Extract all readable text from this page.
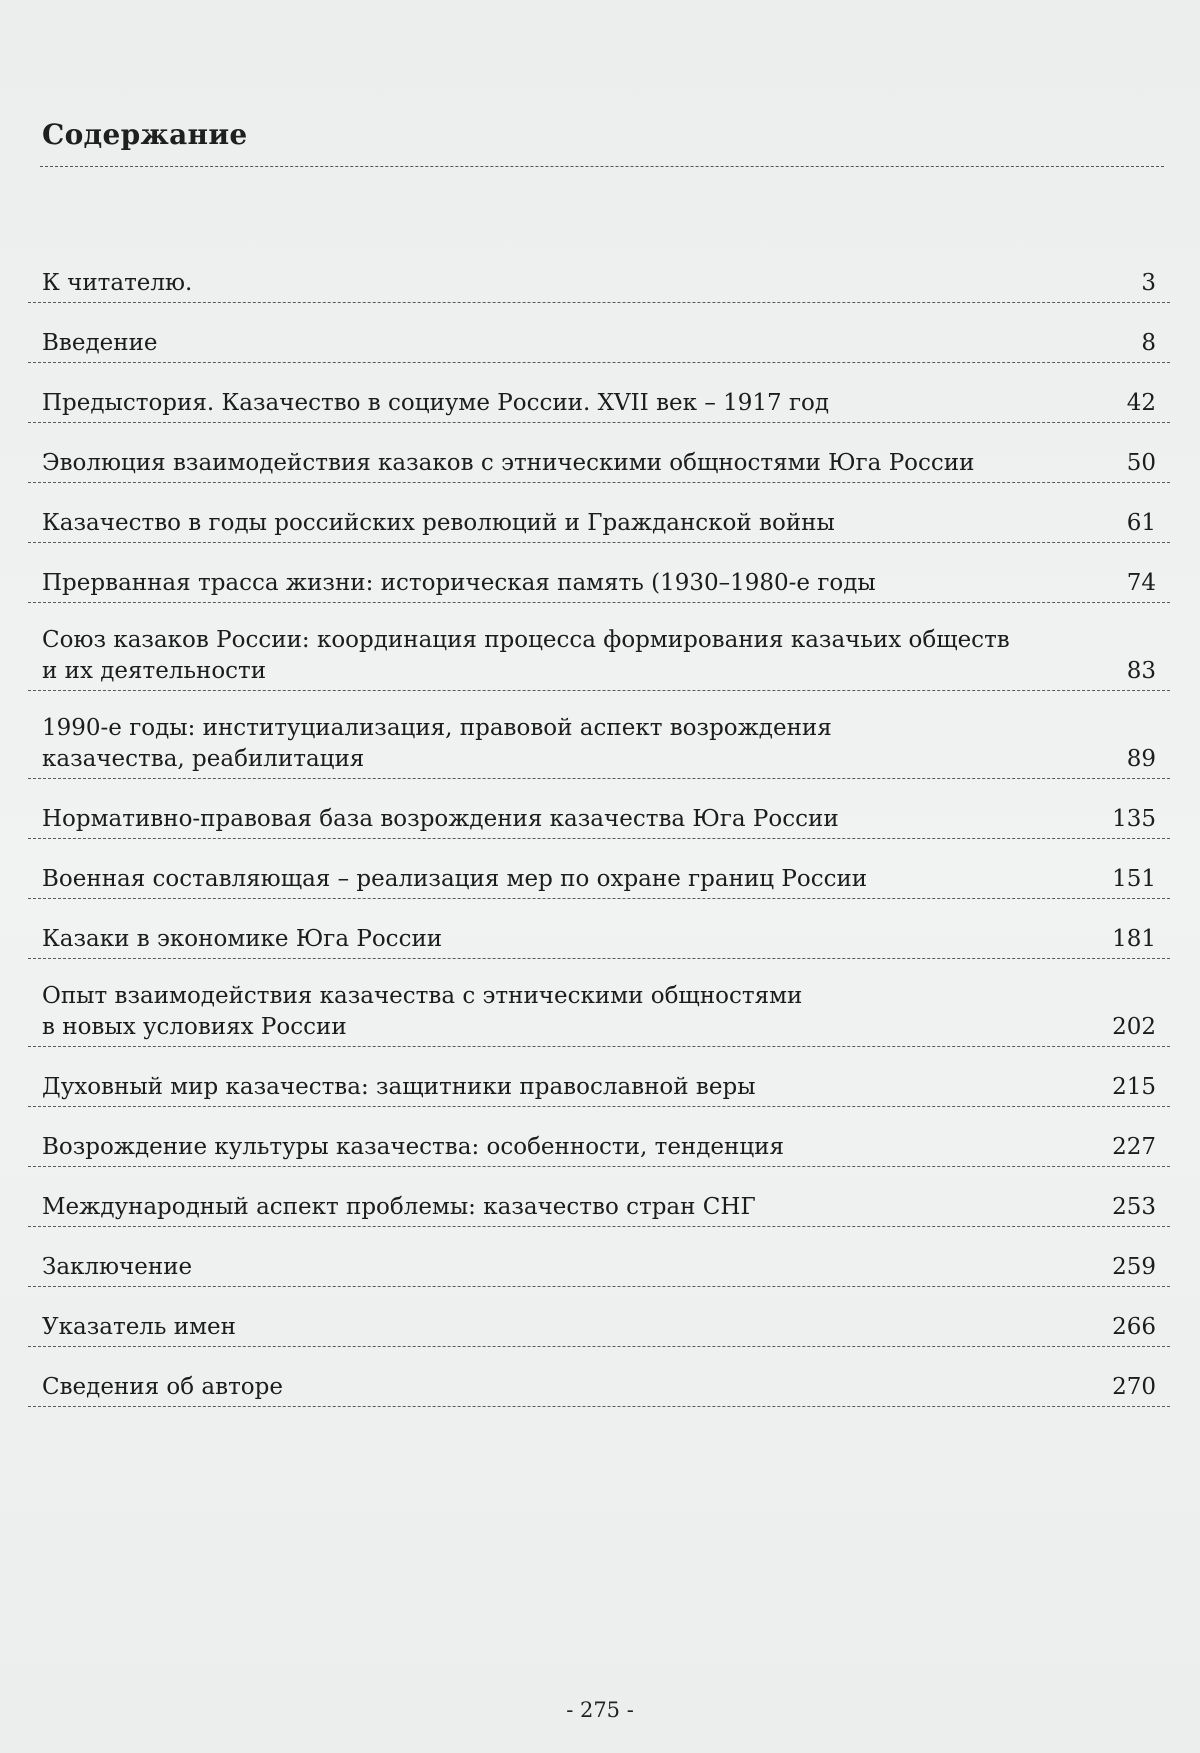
Содержание
К читателю.	3
Введение	8
Предыстория. Казачество в социуме России. XVII век – 1917 год	42
Эволюция взаимодействия казаков с этническими общностями Юга России	50
Казачество в годы российских революций и Гражданской войны	61
Прерванная трасса жизни: историческая память (1930–1980-е годы	74
Союз казаков России: координация процесса формирования казачьих обществ
и их деятельности	83
1990-е годы: институциализация, правовой аспект возрождения
казачества, реабилитация	89
Нормативно-правовая база возрождения казачества Юга России	135
Военная составляющая – реализация мер по охране границ России	151
Казаки в экономике Юга России	181
Опыт взаимодействия казачества с этническими общностями
в новых условиях России	202
Духовный мир казачества: защитники православной веры	215
Возрождение культуры казачества: особенности, тенденция	227
Международный аспект проблемы: казачество стран СНГ	253
Заключение	259
Указатель имен	266
Сведения об авторе	270
- 275 -
